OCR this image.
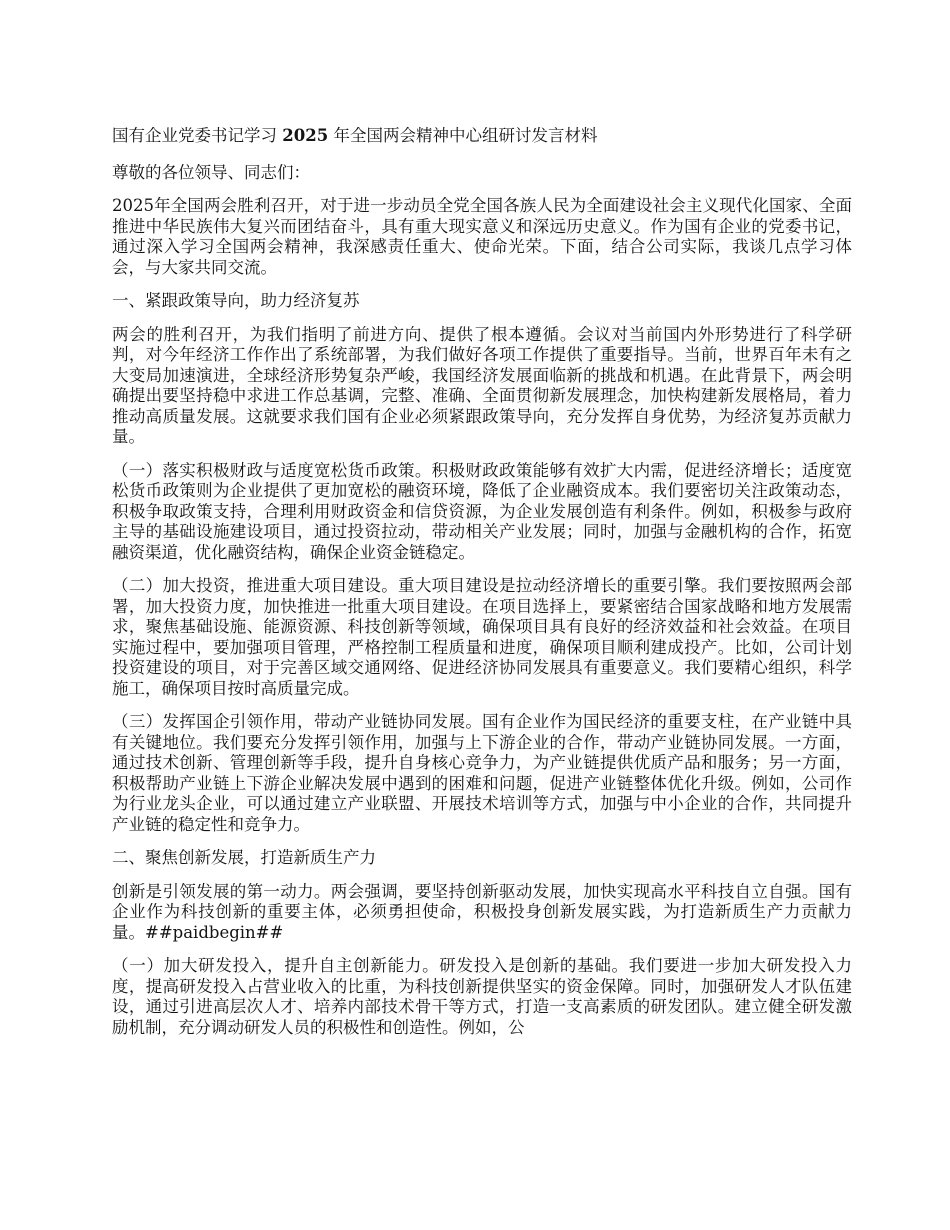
国有企业党委书记学习 2025 年全国两会精神中心组研讨发言材料

尊敬的各位领导、同志们：

2025年全国两会胜利召开，对于进一步动员全党全国各族人民为全面建设社会主义现代化国家、全面推进中华民族伟大复兴而团结奋斗，具有重大现实意义和深远历史意义。作为国有企业的党委书记，通过深入学习全国两会精神，我深感责任重大、使命光荣。下面，结合公司实际，我谈几点学习体会，与大家共同交流。

一、紧跟政策导向，助力经济复苏

两会的胜利召开，为我们指明了前进方向、提供了根本遵循。会议对当前国内外形势进行了科学研判，对今年经济工作作出了系统部署，为我们做好各项工作提供了重要指导。当前，世界百年未有之大变局加速演进，全球经济形势复杂严峻，我国经济发展面临新的挑战和机遇。在此背景下，两会明确提出要坚持稳中求进工作总基调，完整、准确、全面贯彻新发展理念，加快构建新发展格局，着力推动高质量发展。这就要求我们国有企业必须紧跟政策导向，充分发挥自身优势，为经济复苏贡献力量。

（一）落实积极财政与适度宽松货币政策。积极财政政策能够有效扩大内需，促进经济增长；适度宽松货币政策则为企业提供了更加宽松的融资环境，降低了企业融资成本。我们要密切关注政策动态，积极争取政策支持，合理利用财政资金和信贷资源，为企业发展创造有利条件。例如，积极参与政府主导的基础设施建设项目，通过投资拉动，带动相关产业发展；同时，加强与金融机构的合作，拓宽融资渠道，优化融资结构，确保企业资金链稳定。

（二）加大投资，推进重大项目建设。重大项目建设是拉动经济增长的重要引擎。我们要按照两会部署，加大投资力度，加快推进一批重大项目建设。在项目选择上，要紧密结合国家战略和地方发展需求，聚焦基础设施、能源资源、科技创新等领域，确保项目具有良好的经济效益和社会效益。在项目实施过程中，要加强项目管理，严格控制工程质量和进度，确保项目顺利建成投产。比如，公司计划投资建设的项目，对于完善区域交通网络、促进经济协同发展具有重要意义。我们要精心组织，科学施工，确保项目按时高质量完成。

（三）发挥国企引领作用，带动产业链协同发展。国有企业作为国民经济的重要支柱，在产业链中具有关键地位。我们要充分发挥引领作用，加强与上下游企业的合作，带动产业链协同发展。一方面，通过技术创新、管理创新等手段，提升自身核心竞争力，为产业链提供优质产品和服务；另一方面，积极帮助产业链上下游企业解决发展中遇到的困难和问题，促进产业链整体优化升级。例如，公司作为行业龙头企业，可以通过建立产业联盟、开展技术培训等方式，加强与中小企业的合作，共同提升产业链的稳定性和竞争力。

二、聚焦创新发展，打造新质生产力

创新是引领发展的第一动力。两会强调，要坚持创新驱动发展，加快实现高水平科技自立自强。国有企业作为科技创新的重要主体，必须勇担使命，积极投身创新发展实践，为打造新质生产力贡献力量。##paidbegin##

（一）加大研发投入，提升自主创新能力。研发投入是创新的基础。我们要进一步加大研发投入力度，提高研发投入占营业收入的比重，为科技创新提供坚实的资金保障。同时，加强研发人才队伍建设，通过引进高层次人才、培养内部技术骨干等方式，打造一支高素质的研发团队。建立健全研发激励机制，充分调动研发人员的积极性和创造性。例如，公
